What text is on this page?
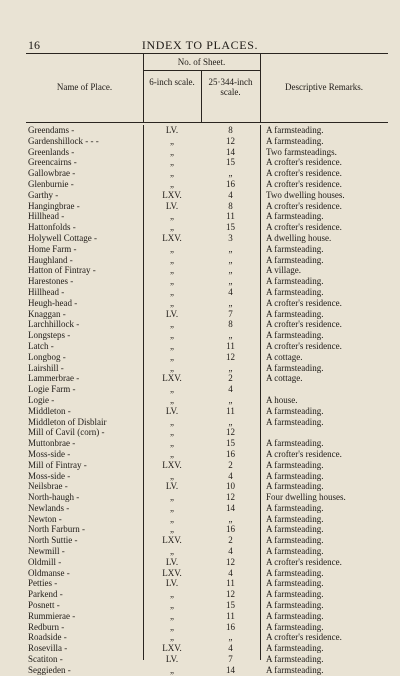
16	INDEX TO PLACES.
Name of Place.
No. of Sheet.
6-inch scale.	25·344-inch scale.	Descriptive Remarks.
Greendams -	LV.	8	A farmsteading.
Gardenshillock - - -	„	12	A farmsteading.
Greenlands -	„	14	Two farmsteadings.
Greencairns -	„	15	A crofter's residence.
Gallowbrae -	„	„	A crofter's residence.
Glenburnie -	„	16	A crofter's residence.
Garthy -	LXV.	4	Two dwelling houses.
Hangingbrae -	LV.	8	A crofter's residence.
Hillhead -	„	11	A farmsteading.
Hattonfolds -	„	15	A crofter's residence.
Holywell Cottage -	LXV.	3	A dwelling house.
Home Farm -	„	„	A farmsteading.
Haughland -	„	„	A farmsteading.
Hatton of Fintray -	„	„	A village.
Harestones -	„	„	A farmsteading.
Hillhead -	„	4	A farmsteading.
Heugh-head -	„	„	A crofter's residence.
Knaggan -	LV.	7	A farmsteading.
Larchhillock -	„	8	A crofter's residence.
Longsteps -	„	„	A farmsteading.
Latch -	„	11	A crofter's residence.
Longbog -	„	12	A cottage.
Lairshill -	„	„	A farmsteading.
Lammerbrae -	LXV.	2	A cottage.
Logie Farm -	„	4
Logie -	„	„	A house.
Middleton -	LV.	11	A farmsteading.
Middleton of Disblair	„	„	A farmsteading.
Mill of Cavil (corn) -	„	12
Muttonbrae -	„	15	A farmsteading.
Moss-side -	„	16	A crofter's residence.
Mill of Fintray -	LXV.	2	A farmsteading.
Moss-side -	„	4	A farmsteading.
Neilsbrae -	LV.	10	A farmsteading.
North-haugh -	„	12	Four dwelling houses.
Newlands -	„	14	A farmsteading.
Newton -	„	„	A farmsteading.
North Farburn -	„	16	A farmsteading.
North Suttie -	LXV.	2	A farmsteading.
Newmill -	„	4	A farmsteading.
Oldmill -	LV.	12	A crofter's residence.
Oldmanse -	LXV.	4	A farmsteading.
Petties -	LV.	11	A farmsteading.
Parkend -	„	12	A farmsteading.
Posnett -	„	15	A farmsteading.
Rummierae -	„	11	A farmsteading.
Redburn -	„	16	A farmsteading.
Roadside -	„	„	A crofter's residence.
Rosevilla -	LXV.	4	A farmsteading.
Scatiton -	LV.	7	A farmsteading.
Seggieden -	„	14	A farmsteading.
